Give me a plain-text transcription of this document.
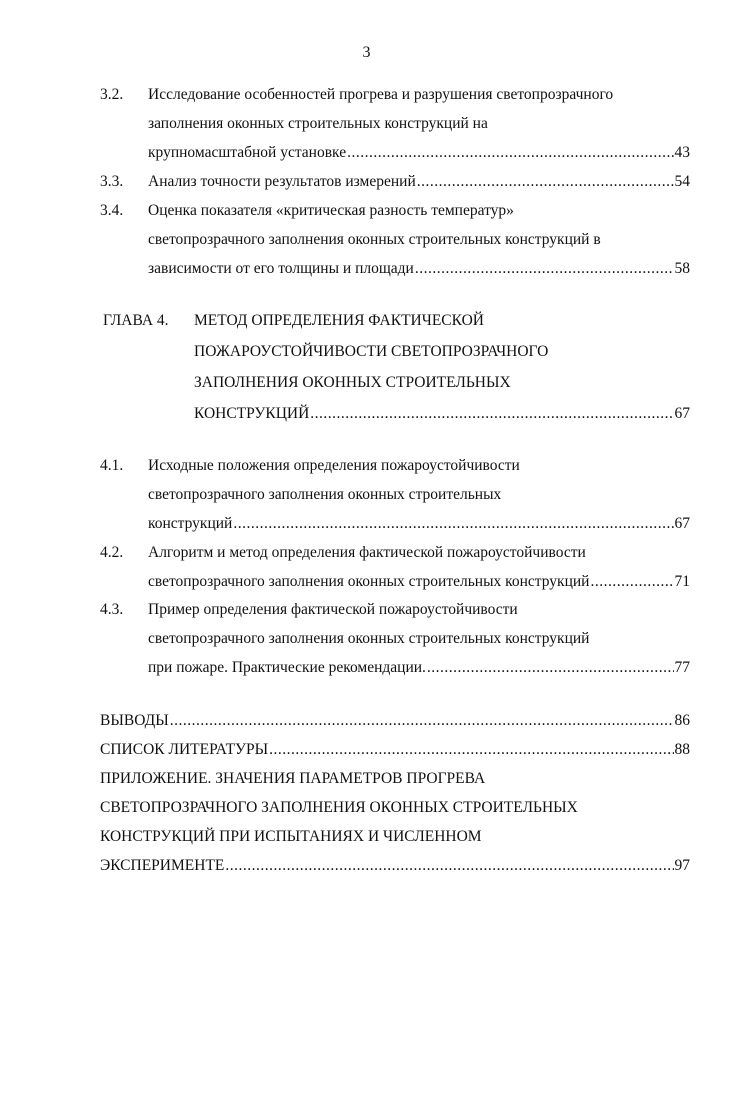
3
3.2. Исследование особенностей прогрева и разрушения светопрозрачного
заполнения оконных строительных конструкций на
крупномасштабной установке .....	43
3.3. Анализ точности результатов измерений .....	54
3.4. Оценка показателя «критическая разность температур»
светопрозрачного заполнения оконных строительных конструкций в
зависимости от его толщины и площади .....	58
ГЛАВА 4. МЕТОД ОПРЕДЕЛЕНИЯ ФАКТИЧЕСКОЙ
ПОЖАРОУСТОЙЧИВОСТИ СВЕТОПРОЗРАЧНОГО
ЗАПОЛНЕНИЯ ОКОННЫХ СТРОИТЕЛЬНЫХ
КОНСТРУКЦИЙ .....	67
4.1. Исходные положения определения пожароустойчивости
светопрозрачного заполнения оконных строительных
конструкций .....	67
4.2. Алгоритм и метод определения фактической пожароустойчивости
светопрозрачного заполнения оконных строительных конструкций .....	71
4.3. Пример определения фактической пожароустойчивости
светопрозрачного заполнения оконных строительных конструкций
при пожаре. Практические рекомендации. .....	77
ВЫВОДЫ .....	86
СПИСОК ЛИТЕРАТУРЫ .....	88
ПРИЛОЖЕНИЕ. ЗНАЧЕНИЯ ПАРАМЕТРОВ ПРОГРЕВА
СВЕТОПРОЗРАЧНОГО ЗАПОЛНЕНИЯ ОКОННЫХ СТРОИТЕЛЬНЫХ
КОНСТРУКЦИЙ ПРИ ИСПЫТАНИЯХ И ЧИСЛЕННОМ
ЭКСПЕРИМЕНТЕ .....	97
